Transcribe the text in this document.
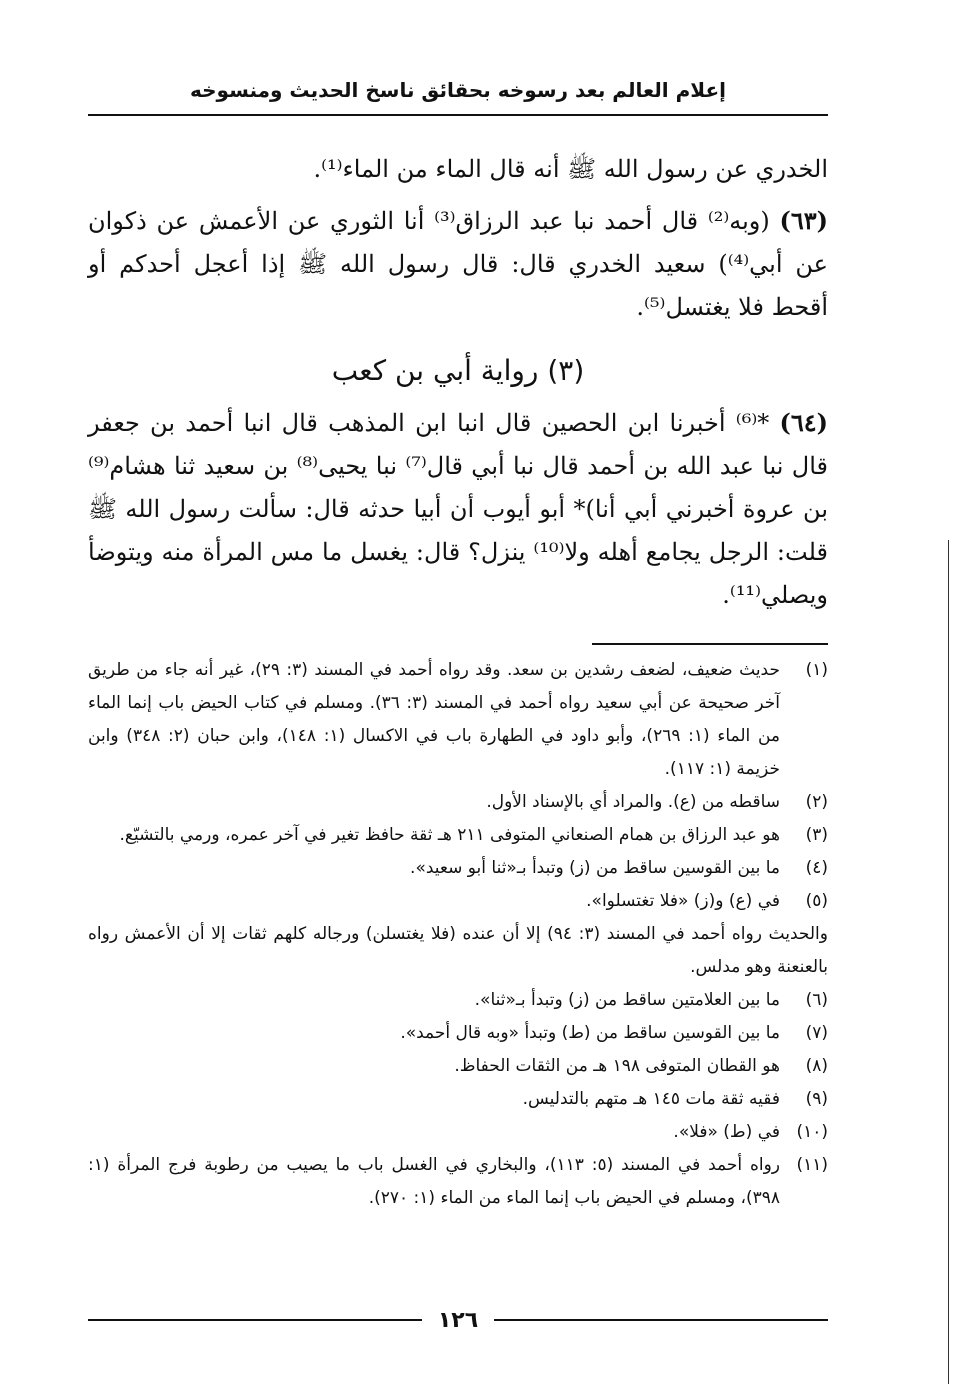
إعلام العالم بعد رسوخه بحقائق ناسخ الحديث ومنسوخه

الخدري عن رسول الله ﷺ أنه قال الماء من الماء⁽¹⁾.

(٦٣) (وبه⁽²⁾ قال أحمد نبا عبد الرزاق⁽³⁾ أنا الثوري عن الأعمش عن ذكوان عن أبي⁽⁴⁾) سعيد الخدري قال: قال رسول الله ﷺ إذا أعجل أحدكم أو أقحط فلا يغتسل⁽⁵⁾.

(٣) رواية أبي بن كعب

(٦٤) *⁽⁶⁾ أخبرنا ابن الحصين قال انبا ابن المذهب قال انبا أحمد بن جعفر قال نبا عبد الله بن أحمد قال نبا أبي قال⁽⁷⁾ نبا يحيى⁽⁸⁾ بن سعيد ثنا هشام⁽⁹⁾ بن عروة أخبرني أبي أنا)* أبو أيوب أن أبيا حدثه قال: سألت رسول الله ﷺ قلت: الرجل يجامع أهله ولا⁽¹⁰⁾ ينزل؟ قال: يغسل ما مس المرأة منه ويتوضأ ويصلي⁽¹¹⁾.

(١)
حديث ضعيف، لضعف رشدين بن سعد. وقد رواه أحمد في المسند (٣: ٢٩)، غير أنه جاء من طريق آخر صحيحة عن أبي سعيد رواه أحمد في المسند (٣: ٣٦). ومسلم في كتاب الحيض باب إنما الماء من الماء (١: ٢٦٩)، وأبو داود في الطهارة باب في الاكسال (١: ١٤٨)، وابن حبان (٢: ٣٤٨) وابن خزيمة (١: ١١٧).
(٢)
ساقطه من (ع). والمراد أي بالإسناد الأول.
(٣)
هو عبد الرزاق بن همام الصنعاني المتوفى ٢١١ هـ ثقة حافظ تغير في آخر عمره، ورمي بالتشيّع.
(٤)
ما بين القوسين ساقط من (ز) وتبدأ بـ«ثنا أبو سعيد».
(٥)
في (ع) و(ز) «فلا تغتسلوا».
والحديث رواه أحمد في المسند (٣: ٩٤) إلا أن عنده (فلا يغتسلن) ورجاله كلهم ثقات إلا أن الأعمش رواه بالعنعنة وهو مدلس.
(٦)
ما بين العلامتين ساقط من (ز) وتبدأ بـ«ثنا».
(٧)
ما بين القوسين ساقط من (ط) وتبدأ «وبه قال أحمد».
(٨)
هو القطان المتوفى ١٩٨ هـ من الثقات الحفاظ.
(٩)
فقيه ثقة مات ١٤٥ هـ متهم بالتدليس.
(١٠)
في (ط) «فلا».
(١١)
رواه أحمد في المسند (٥: ١١٣)، والبخاري في الغسل باب ما يصيب من رطوبة فرج المرأة (١: ٣٩٨)، ومسلم في الحيض باب إنما الماء من الماء (١: ٢٧٠).
١٢٦
